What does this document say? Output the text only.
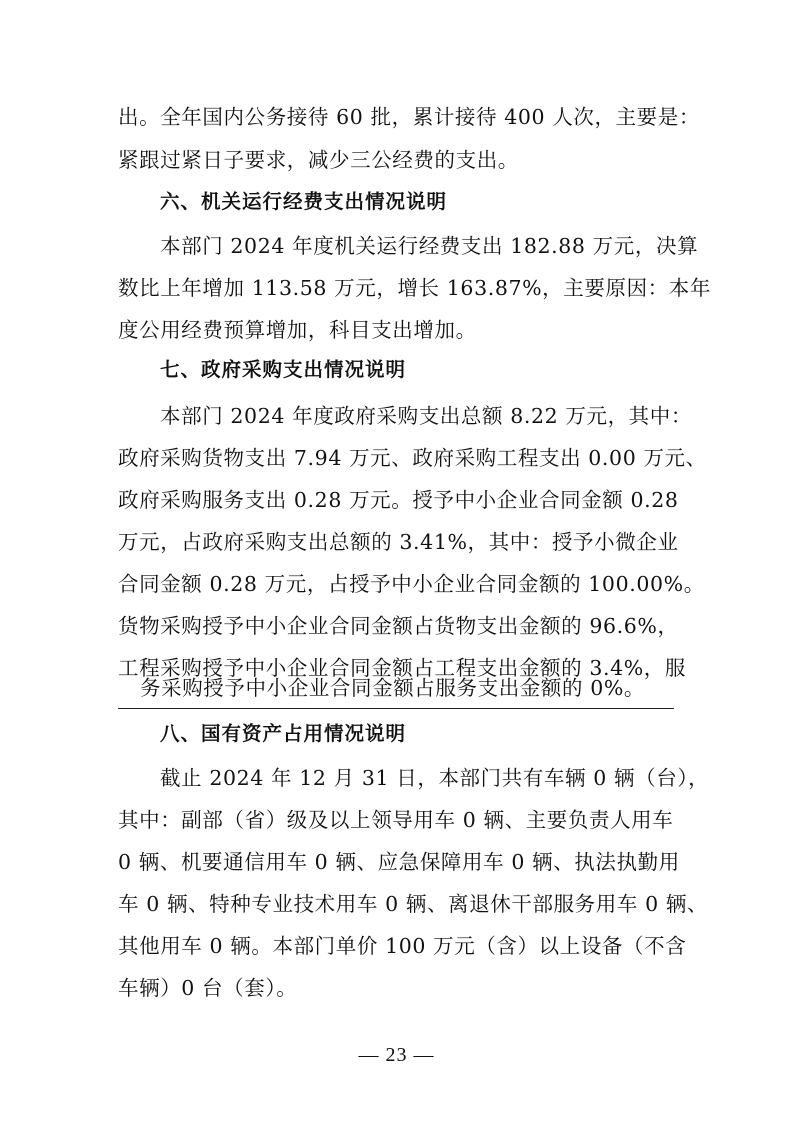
出。全年国内公务接待 60 批，累计接待 400 人次，主要是：
紧跟过紧日子要求，减少三公经费的支出。
六、机关运行经费支出情况说明
本部门 2024 年度机关运行经费支出 182.88 万元，决算
数比上年增加 113.58 万元，增长 163.87%，主要原因：本年
度公用经费预算增加，科目支出增加。
七、政府采购支出情况说明
本部门 2024 年度政府采购支出总额 8.22 万元，其中：
政府采购货物支出 7.94 万元、政府采购工程支出 0.00 万元、
政府采购服务支出 0.28 万元。授予中小企业合同金额 0.28
万元，占政府采购支出总额的 3.41%，其中：授予小微企业
合同金额 0.28 万元，占授予中小企业合同金额的 100.00%。
货物采购授予中小企业合同金额占货物支出金额的 96.6%，
工程采购授予中小企业合同金额占工程支出金额的 3.4%，服
务采购授予中小企业合同金额占服务支出金额的 0%。
八、国有资产占用情况说明
截止 2024 年 12 月 31 日，本部门共有车辆 0 辆（台），
其中：副部（省）级及以上领导用车 0 辆、主要负责人用车
0 辆、机要通信用车 0 辆、应急保障用车 0 辆、执法执勤用
车 0 辆、特种专业技术用车 0 辆、离退休干部服务用车 0 辆、
其他用车 0 辆。本部门单价 100 万元（含）以上设备（不含
车辆）0 台（套）。
— 23 —
